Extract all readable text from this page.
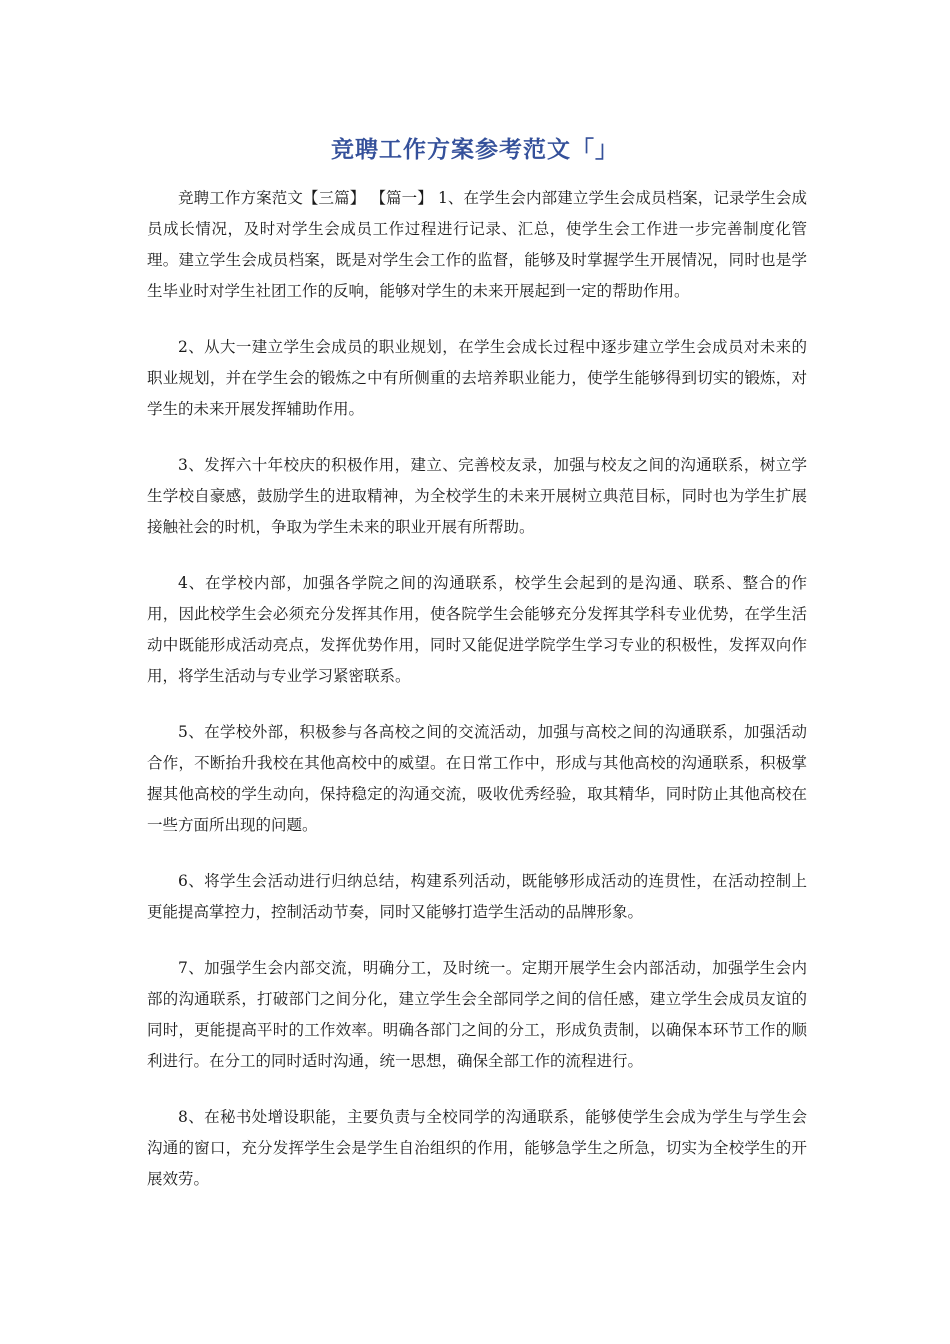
竞聘工作方案参考范文「」

竞聘工作方案范文【三篇】 【篇一】 1、在学生会内部建立学生会成员档案，记录学生会成员成长情况，及时对学生会成员工作过程进行记录、汇总，使学生会工作进一步完善制度化管理。建立学生会成员档案，既是对学生会工作的监督，能够及时掌握学生开展情况，同时也是学生毕业时对学生社团工作的反响，能够对学生的未来开展起到一定的帮助作用。

2、从大一建立学生会成员的职业规划，在学生会成长过程中逐步建立学生会成员对未来的职业规划，并在学生会的锻炼之中有所侧重的去培养职业能力，使学生能够得到切实的锻炼，对学生的未来开展发挥辅助作用。

3、发挥六十年校庆的积极作用，建立、完善校友录，加强与校友之间的沟通联系，树立学生学校自豪感，鼓励学生的进取精神，为全校学生的未来开展树立典范目标，同时也为学生扩展接触社会的时机，争取为学生未来的职业开展有所帮助。

4、在学校内部，加强各学院之间的沟通联系，校学生会起到的是沟通、联系、整合的作用，因此校学生会必须充分发挥其作用，使各院学生会能够充分发挥其学科专业优势，在学生活动中既能形成活动亮点，发挥优势作用，同时又能促进学院学生学习专业的积极性，发挥双向作用，将学生活动与专业学习紧密联系。

5、在学校外部，积极参与各高校之间的交流活动，加强与高校之间的沟通联系，加强活动合作，不断抬升我校在其他高校中的威望。在日常工作中，形成与其他高校的沟通联系，积极掌握其他高校的学生动向，保持稳定的沟通交流，吸收优秀经验，取其精华，同时防止其他高校在一些方面所出现的问题。

6、将学生会活动进行归纳总结，构建系列活动，既能够形成活动的连贯性，在活动控制上更能提高掌控力，控制活动节奏，同时又能够打造学生活动的品牌形象。

7、加强学生会内部交流，明确分工，及时统一。定期开展学生会内部活动，加强学生会内部的沟通联系，打破部门之间分化，建立学生会全部同学之间的信任感，建立学生会成员友谊的同时，更能提高平时的工作效率。明确各部门之间的分工，形成负责制，以确保本环节工作的顺利进行。在分工的同时适时沟通，统一思想，确保全部工作的流程进行。

8、在秘书处增设职能，主要负责与全校同学的沟通联系，能够使学生会成为学生与学生会沟通的窗口，充分发挥学生会是学生自治组织的作用，能够急学生之所急，切实为全校学生的开展效劳。
